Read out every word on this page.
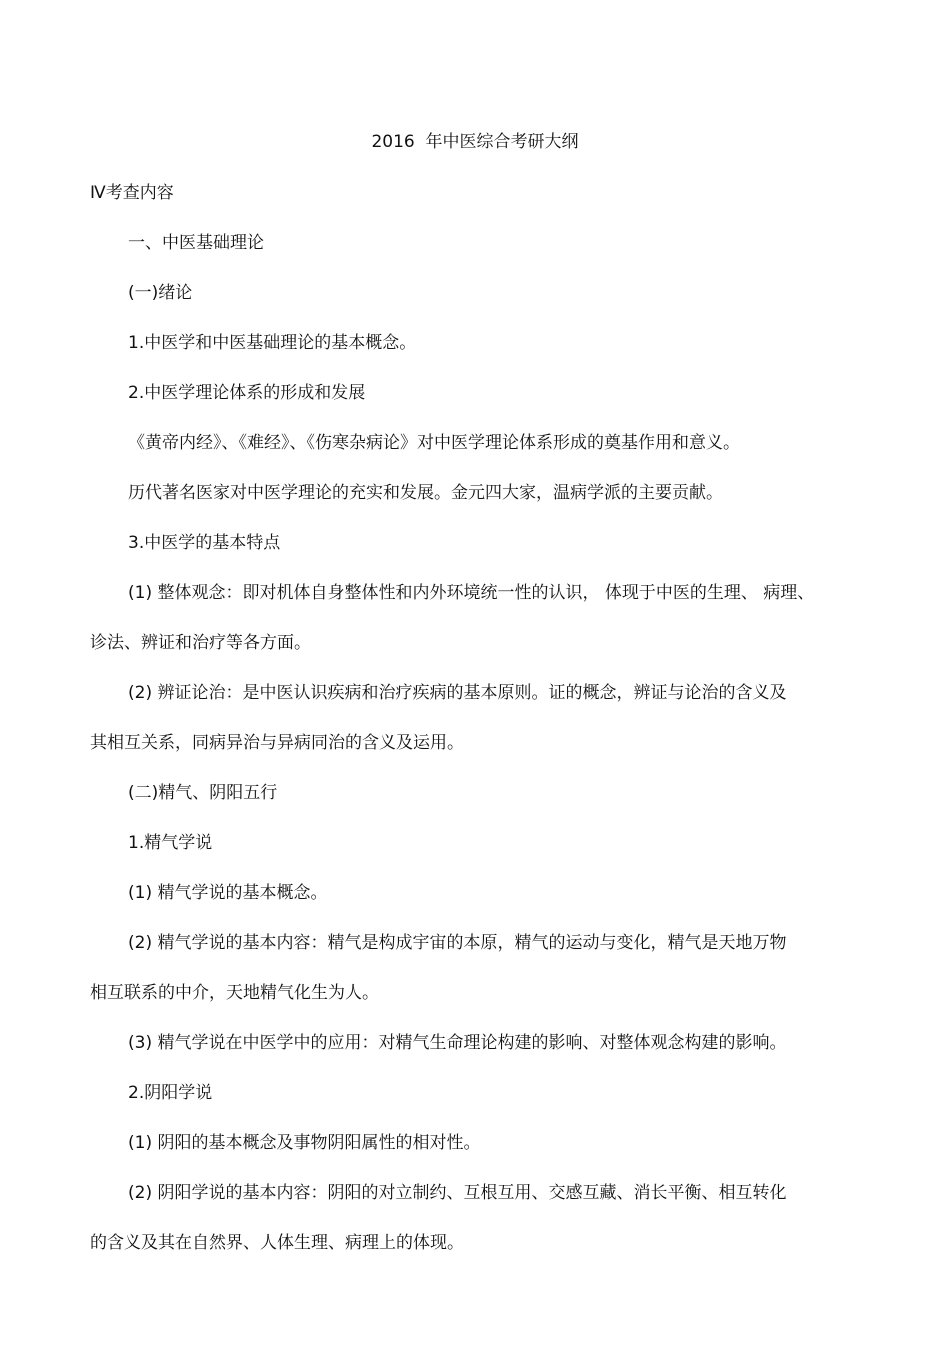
2016  年中医综合考研大纲
Ⅳ考查内容
一、中医基础理论
(一)绪论
1.中医学和中医基础理论的基本概念。
2.中医学理论体系的形成和发展
《黄帝内经》、《难经》、《伤寒杂病论》对中医学理论体系形成的奠基作用和意义。
历代著名医家对中医学理论的充实和发展。金元四大家，温病学派的主要贡献。
3.中医学的基本特点
(1) 整体观念：即对机体自身整体性和内外环境统一性的认识， 体现于中医的生理、 病理、
诊法、辨证和治疗等各方面。
(2) 辨证论治：是中医认识疾病和治疗疾病的基本原则。证的概念，辨证与论治的含义及
其相互关系，同病异治与异病同治的含义及运用。
(二)精气、阴阳五行
1.精气学说
(1) 精气学说的基本概念。
(2) 精气学说的基本内容：精气是构成宇宙的本原，精气的运动与变化，精气是天地万物
相互联系的中介，天地精气化生为人。
(3) 精气学说在中医学中的应用：对精气生命理论构建的影响、对整体观念构建的影响。
2.阴阳学说
(1) 阴阳的基本概念及事物阴阳属性的相对性。
(2) 阴阳学说的基本内容：阴阳的对立制约、互根互用、交感互藏、消长平衡、相互转化
的含义及其在自然界、人体生理、病理上的体现。
